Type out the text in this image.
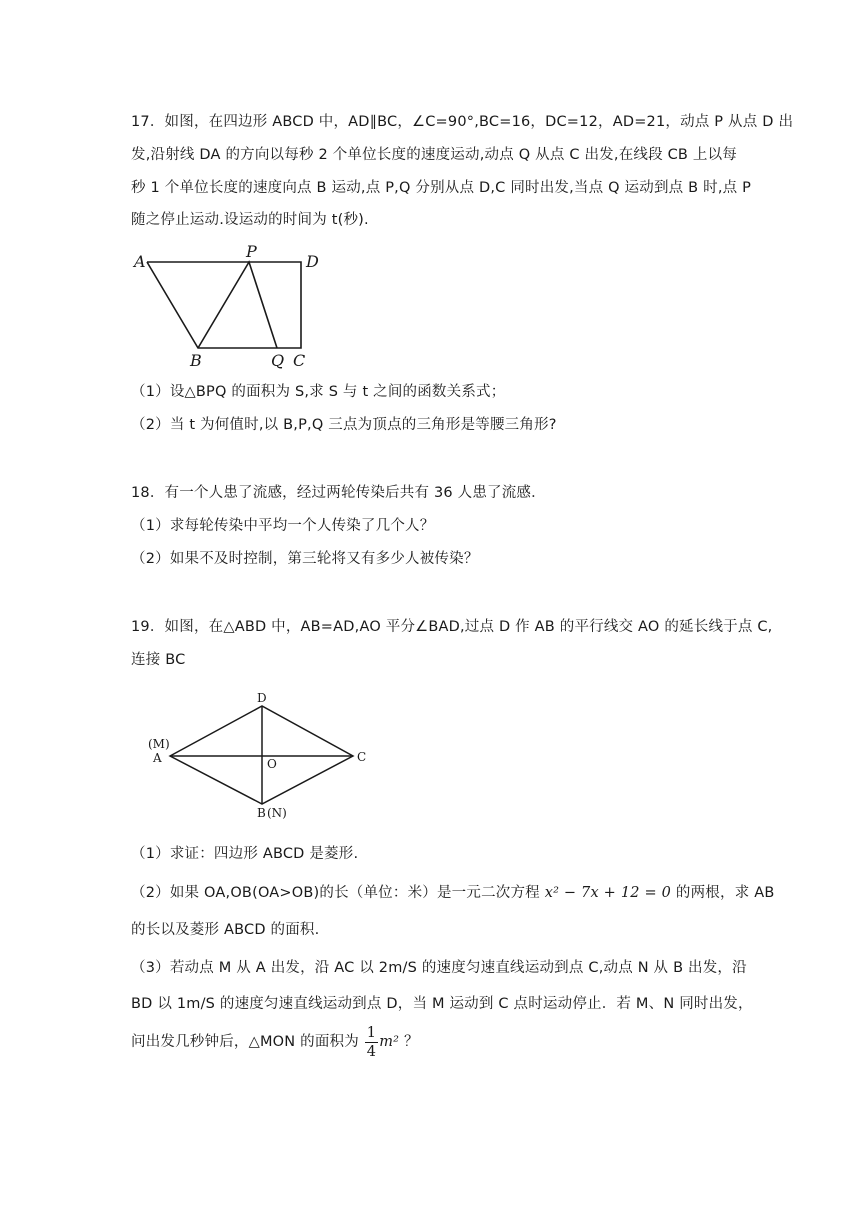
17．如图，在四边形 ABCD 中，AD∥BC，∠C=90°,BC=16，DC=12，AD=21，动点 P 从点 D 出
发,沿射线 DA 的方向以每秒 2 个单位长度的速度运动,动点 Q 从点 C 出发,在线段 CB 上以每
秒 1 个单位长度的速度向点 B 运动,点 P,Q 分别从点 D,C 同时出发,当点 Q 运动到点 B 时,点 P
随之停止运动.设运动的时间为 t(秒).
A
P
D
B	Q C
（1）设△BPQ 的面积为 S,求 S 与 t 之间的函数关系式；
（2）当 t 为何值时,以 B,P,Q 三点为顶点的三角形是等腰三角形?
18．有一个人患了流感，经过两轮传染后共有 36 人患了流感．
（1）求每轮传染中平均一个人传染了几个人？
（2）如果不及时控制，第三轮将又有多少人被传染？
19．如图，在△ABD 中，AB=AD,AO 平分∠BAD,过点 D 作 AB 的平行线交 AO 的延长线于点 C,
连接 BC
D
(M)
A	O	C
B (N)
（1）求证：四边形 ABCD 是菱形.
（2）如果 OA,OB(OA>OB)的长（单位：米）是一元二次方程 x² − 7x + 12 = 0 的两根，求 AB
的长以及菱形 ABCD 的面积.
（3）若动点 M 从 A 出发，沿 AC 以 2m/S 的速度匀速直线运动到点 C,动点 N 从 B 出发，沿
BD 以 1m/S 的速度匀速直线运动到点 D，当 M 运动到 C 点时运动停止．若 M、N 同时出发，
问出发几秒钟后，△MON 的面积为 $\frac{1}{4} m^2$ ？
